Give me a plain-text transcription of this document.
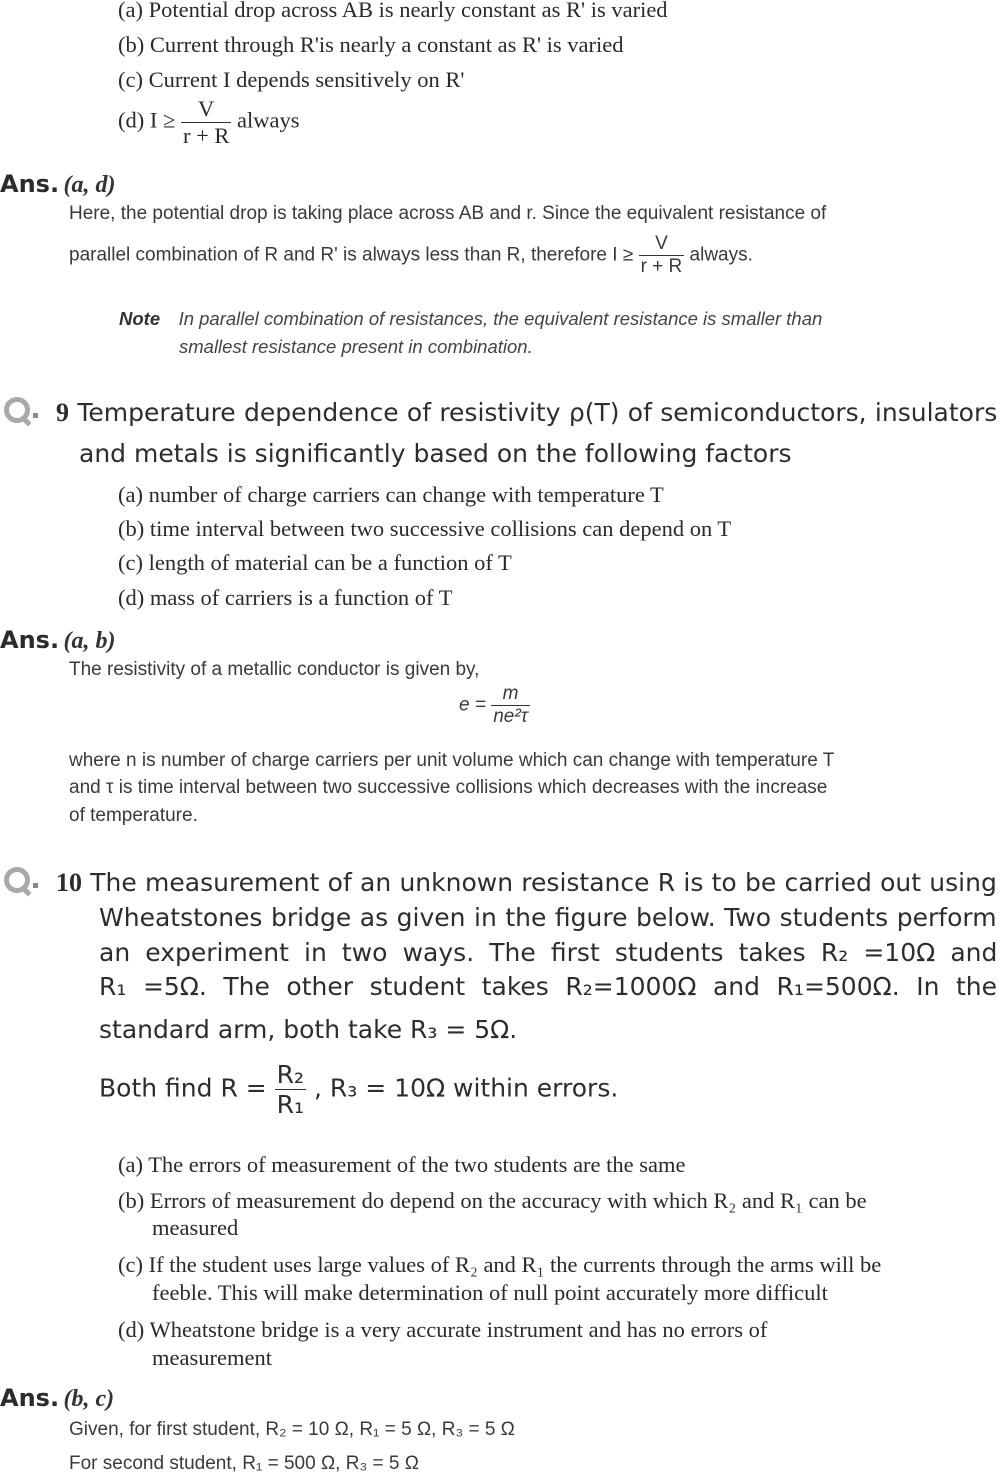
(a) Potential drop across AB is nearly constant as R' is varied
(b) Current through R'is nearly a constant as R' is varied
(c) Current I depends sensitively on R'
(d) $I \ge \frac{V}{r + R}$ always
Ans. (a, d)
Here, the potential drop is taking place across AB and r. Since the equivalent resistance of
parallel combination of R and R' is always less than R, therefore $I \ge \frac{V}{r + R}$ always.
Note In parallel combination of resistances, the equivalent resistance is smaller than
smallest resistance present in combination.
9 Temperature dependence of resistivity ρ(T) of semiconductors, insulators
and metals is significantly based on the following factors
(a) number of charge carriers can change with temperature T
(b) time interval between two successive collisions can depend on T
(c) length of material can be a function of T
(d) mass of carriers is a function of T
Ans. (a, b)
The resistivity of a metallic conductor is given by,
$e = \frac{m}{\text{ne²τ}}$
where n is number of charge carriers per unit volume which can change with temperature T
and τ is time interval between two successive collisions which decreases with the increase
of temperature.
10 The measurement of an unknown resistance R is to be carried out using
Wheatstones bridge as given in the figure below. Two students perform
an experiment in two ways. The first students takes R₂ =10Ω and
R₁ =5Ω. The other student takes R₂=1000Ω and R₁=500Ω. In the
standard arm, both take R₃ = 5Ω.
Both find $R = \frac{\text{R₂}}{\text{R₁}}$ , R₃ = 10Ω within errors.
(a) The errors of measurement of the two students are the same
(b) Errors of measurement do depend on the accuracy with which R₂ and R₁ can be
measured
(c) If the student uses large values of R₂ and R₁ the currents through the arms will be
feeble. This will make determination of null point accurately more difficult
(d) Wheatstone bridge is a very accurate instrument and has no errors of
measurement
Ans. (b, c)
Given, for first student, R₂ = 10 Ω, R₁ = 5 Ω, R₃ = 5 Ω
For second student, R₁ = 500 Ω, R₃ = 5 Ω
